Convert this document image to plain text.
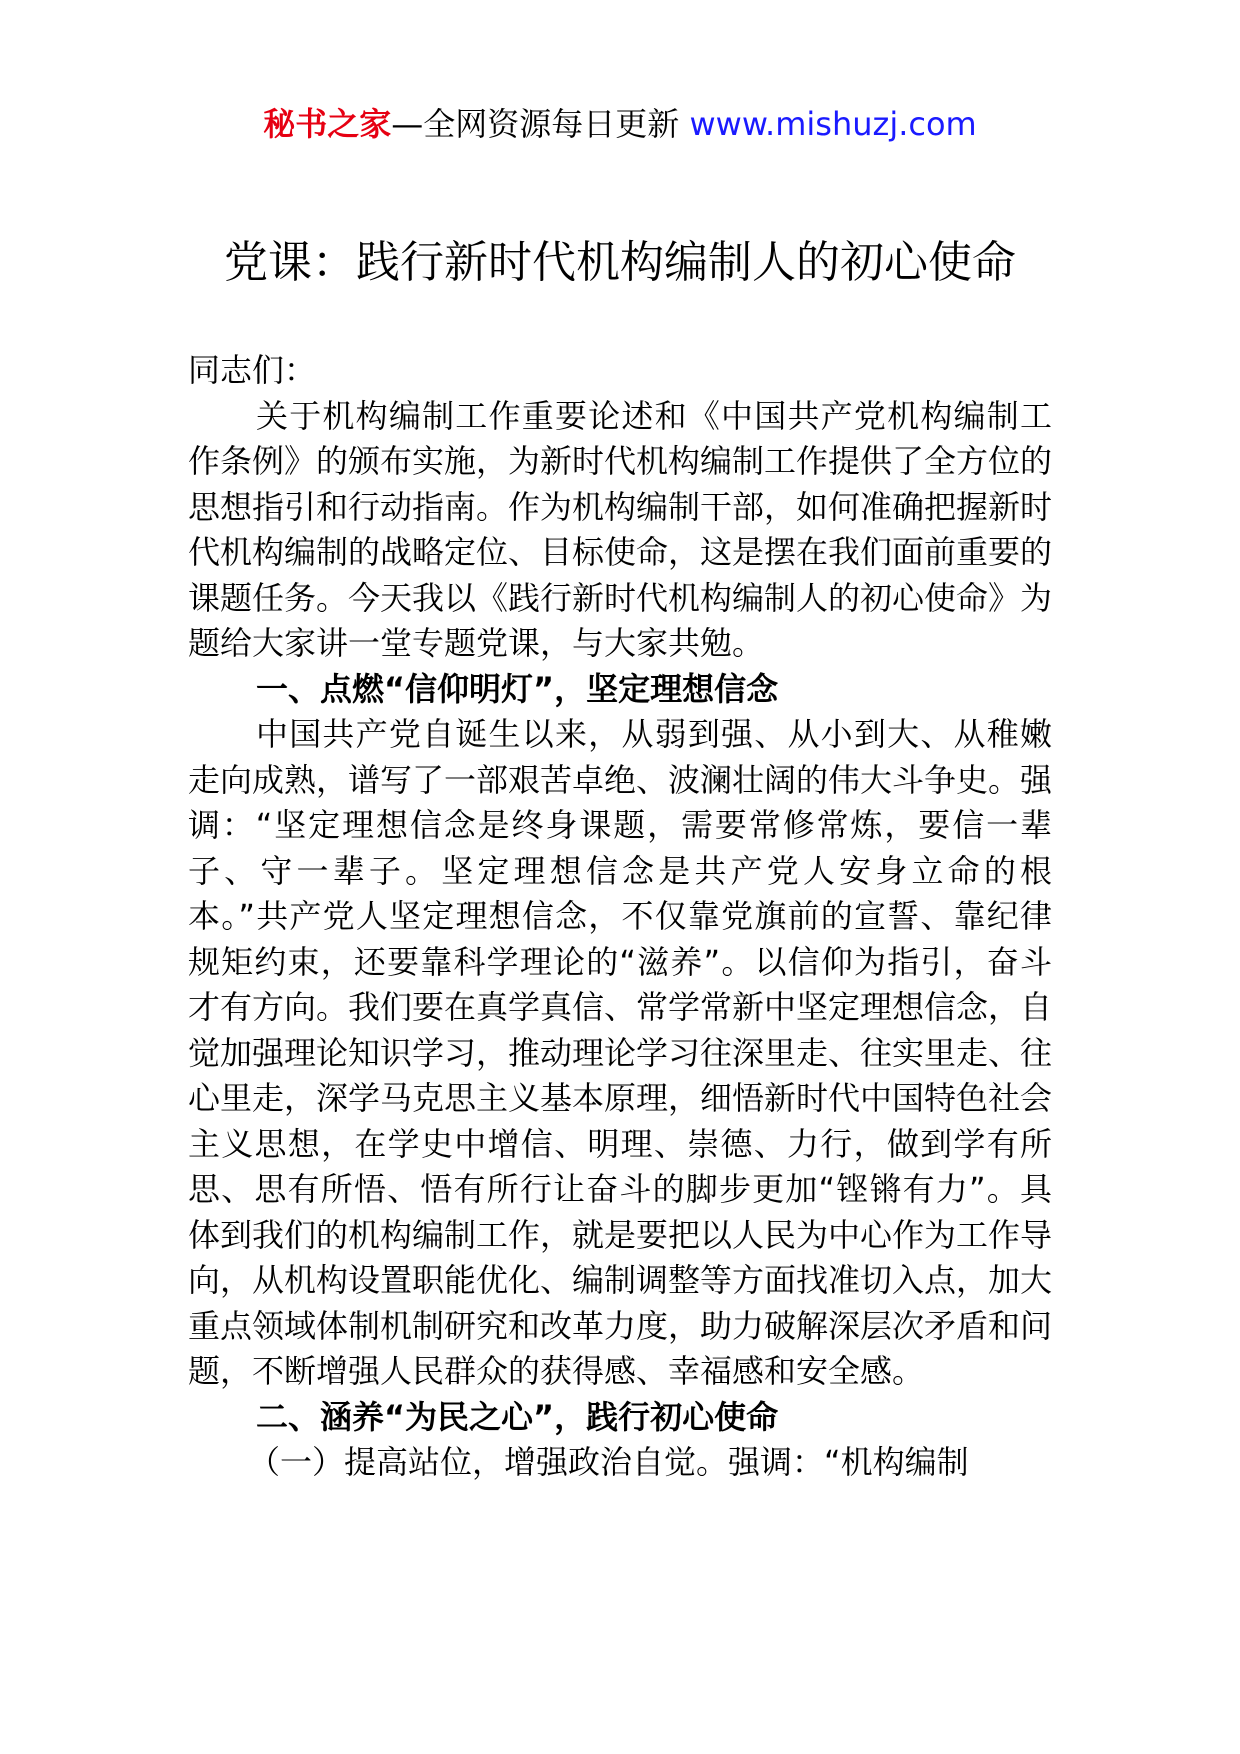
秘书之家—全网资源每日更新 www.mishuzj.com
党课：践行新时代机构编制人的初心使命

同志们：

关于机构编制工作重要论述和《中国共产党机构编制工作条例》的颁布实施，为新时代机构编制工作提供了全方位的思想指引和行动指南。作为机构编制干部，如何准确把握新时代机构编制的战略定位、目标使命，这是摆在我们面前重要的课题任务。今天我以《践行新时代机构编制人的初心使命》为题给大家讲一堂专题党课，与大家共勉。

一、点燃“信仰明灯”，坚定理想信念

中国共产党自诞生以来，从弱到强、从小到大、从稚嫩走向成熟，谱写了一部艰苦卓绝、波澜壮阔的伟大斗争史。强调：“坚定理想信念是终身课题，需要常修常炼，要信一辈子、守一辈子。坚定理想信念是共产党人安身立命的根本。”共产党人坚定理想信念，不仅靠党旗前的宣誓、靠纪律规矩约束，还要靠科学理论的“滋养”。以信仰为指引，奋斗才有方向。我们要在真学真信、常学常新中坚定理想信念，自觉加强理论知识学习，推动理论学习往深里走、往实里走、往心里走，深学马克思主义基本原理，细悟新时代中国特色社会主义思想，在学史中增信、明理、崇德、力行，做到学有所思、思有所悟、悟有所行让奋斗的脚步更加“铿锵有力”。具体到我们的机构编制工作，就是要把以人民为中心作为工作导向，从机构设置职能优化、编制调整等方面找准切入点，加大重点领域体制机制研究和改革力度，助力破解深层次矛盾和问题，不断增强人民群众的获得感、幸福感和安全感。

二、涵养“为民之心”，践行初心使命

（一）提高站位，增强政治自觉。强调：“机构编制
